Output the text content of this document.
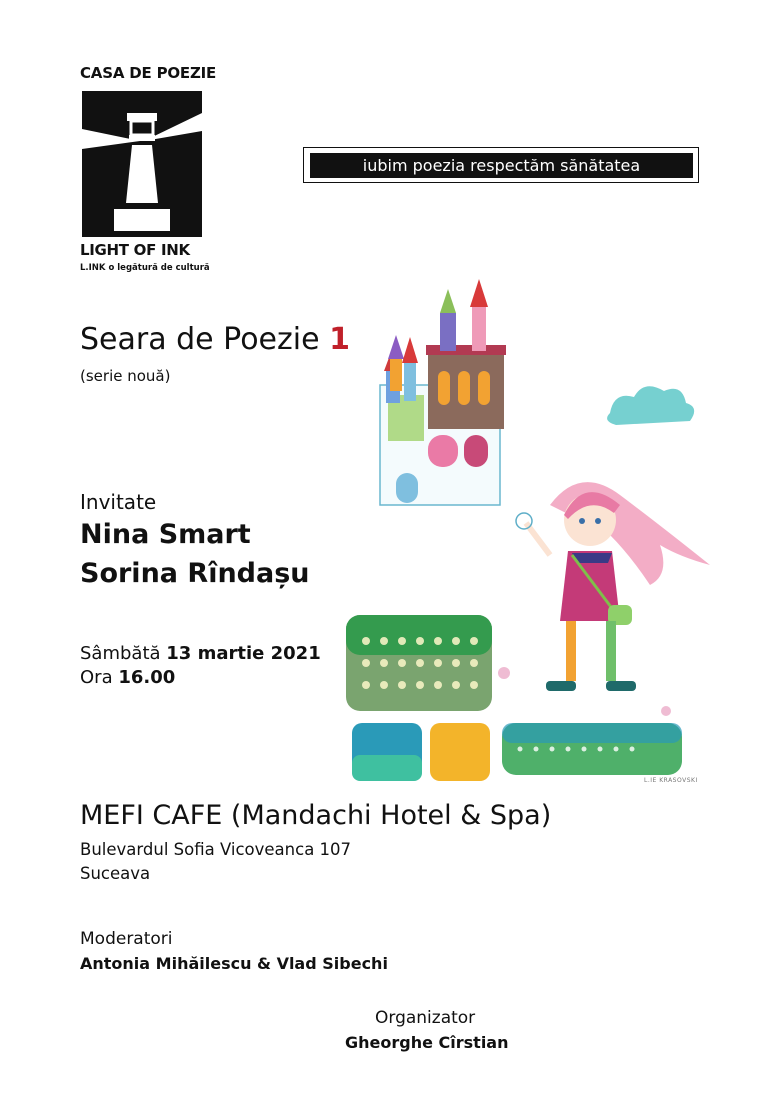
CASA DE POEZIE
LIGHT OF INK
L.INK o legătură de cultură
iubim poezia respectăm sănătatea
Seara de Poezie 1
(serie nouă)
Invitate
Nina Smart
Sorina Rîndașu
Sâmbătă 13 martie 2021
Ora 16.00
L.IE KRASOVSKI
MEFI CAFE (Mandachi Hotel & Spa)
Bulevardul Sofia Vicoveanca 107
Suceava
Moderatori
Antonia Mihăilescu & Vlad Sibechi
Organizator
Gheorghe Cîrstian
